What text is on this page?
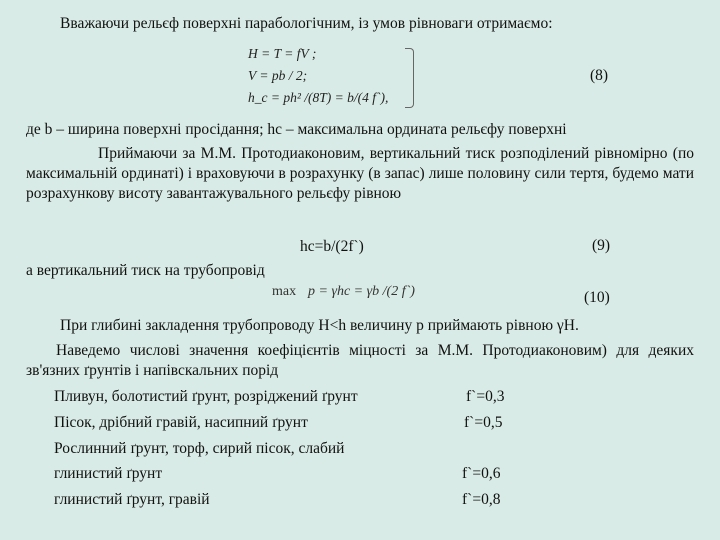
Вважаючи рельєф поверхні парабологічним, із умов рівноваги отримаємо:
H = T = fV ;
V = pb / 2;
h_c = ph² /(8T) = b/(4 f`),
(8)
де b – ширина поверхні просідання; hс – максимальна ордината рельєфу поверхні
Приймаючи за М.М. Протодиаконовим, вертикальний тиск розподілений рівномірно (по максимальній ординаті) і враховуючи в розрахунку (в запас) лише половину сили тертя, будемо мати розрахункову висоту завантажувального рельєфу рівною
hc=b/(2f`)	(9)
а вертикальний тиск на трубопровід
max p = γhc = γb /(2 f`)	(10)
При глибині закладення трубопроводу Н<h величину р приймають рівною γН.
Наведемо числові значення коефіцієнтів міцності за М.М. Протодиаконовим) для деяких зв'язних ґрунтів і напівскальних порід
Пливун, болотистий ґрунт, розріджений ґрунт	f`=0,3
Пісок, дрібний гравій, насипний ґрунт	f`=0,5
Рослинний ґрунт, торф, сирий пісок, слабий
глинистий ґрунт	f`=0,6
глинистий ґрунт, гравій	f`=0,8
